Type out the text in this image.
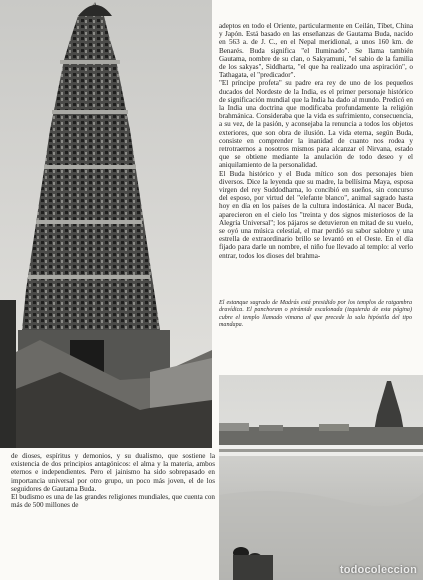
adeptos en todo el Oriente, particularmente en Ceilán, Tíbet, China y Japón. Está basado en las enseñanzas de Gautama Buda, nacido en 563 a. de J. C., en el Nepal meridional, a unos 160 km. de Benarés. Buda significa "el Iluminado". Se llama también Gautama, nombre de su clan, o Sakyamuni, "el sabio de la familia de los sakyas", Siddharta, "el que ha realizado una aspiración", o Tathagata, el "predicador".

"El príncipe profeta" su padre era rey de uno de los pequeños ducados del Nordeste de la India, es el primer personaje histórico de significación mundial que la India ha dado al mundo. Predicó en la India una doctrina que modificaba profundamente la religión brahmánica. Consideraba que la vida es sufrimiento, consecuencia, a su vez, de la pasión, y aconsejaba la renuncia a todos los objetos exteriores, que son obra de ilusión. La vida eterna, según Buda, consiste en comprender la inanidad de cuanto nos rodea y retrotraernos a nosotros mismos para alcanzar el Nirvana, estado que se obtiene mediante la anulación de todo deseo y el aniquilamiento de la personalidad.

El Buda histórico y el Buda mítico son dos personajes bien diversos. Dice la leyenda que su madre, la bellísima Maya, esposa virgen del rey Suddodharna, lo concibió en sueños, sin concurso del esposo, por virtud del "elefante blanco", animal sagrado hasta hoy en día en los países de la cultura indostánica. Al nacer Buda, aparecieron en el cielo los "treinta y dos signos misteriosos de la Alegría Universal"; los pájaros se detuvieron en mitad de su vuelo, se oyó una música celestial, el mar perdió su sabor salobre y una estrella de extraordinario brillo se levantó en el Oeste. En el día fijado para darle un nombre, el niño fue llevado al templo: al verlo entrar, todos los dioses del brahma-

El estanque sagrado de Madrás está presidido por los templos de ratgambra dravídica. El panchoram o pirámide escalonada (izquierda de esta página) cubre el templo llamado vimana al que precede la sala hipóstila del tipo mandapa.

de dioses, espíritus y demonios, y su dualismo, que sostiene la existencia de dos principios antagónicos: el alma y la materia, ambos eternos e independientes. Pero el jainismo ha sido sobrepasado en importancia universal por otro grupo, un poco más joven, el de los seguidores de Gautama Buda.

El budismo es una de las grandes religiones mundiales, que cuenta con más de 500 millones de

todocoleccion
